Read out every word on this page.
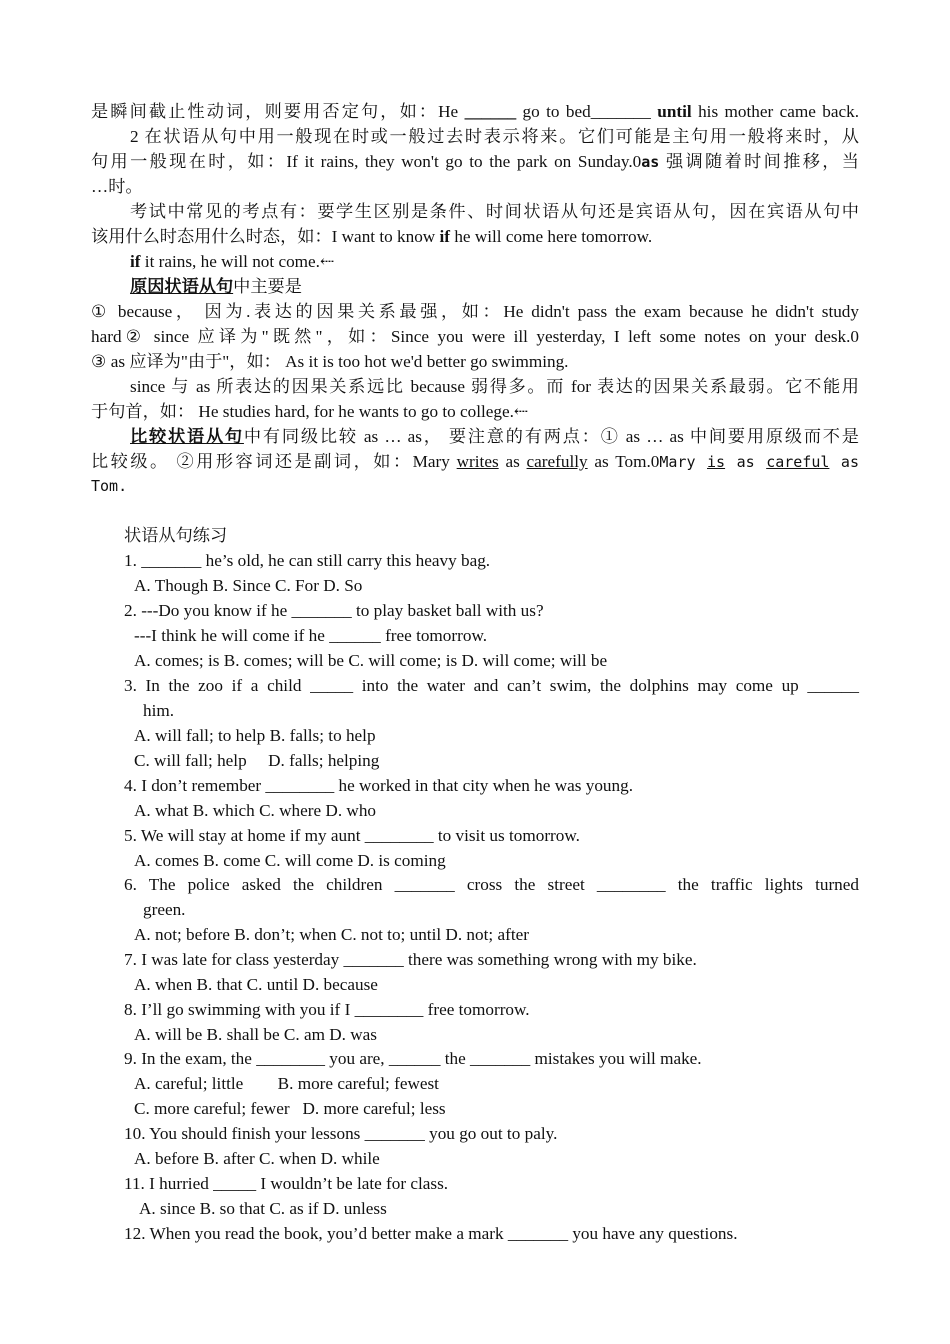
是瞬间截止性动词，则要用否定句，如：He ______ go to bed_______ until his mother came back.
2 在状语从句中用一般现在时或一般过去时表示将来。它们可能是主句用一般将来时，从
句用一般现在时，如：If it rains, they won't go to the park on Sunday.0as 强调随着时间推移，当
…时。
考试中常见的考点有：要学生区别是条件、时间状语从句还是宾语从句，因在宾语从句中
该用什么时态用什么时态，如：I want to know if he will come here tomorrow.
if it rains, he will not come.⇠
原因状语从句中主要是
① because， 因为.表达的因果关系最强，如：He didn't pass the exam because he didn't study
hard② since 应译为"既然"，如：Since you were ill yesterday, I left some notes on your desk.0
③ as 应译为"由于"，如： As it is too hot we'd better go swimming.
since 与 as 所表达的因果关系远比 because 弱得多。而 for 表达的因果关系最弱。它不能用
于句首，如： He studies hard, for he wants to go to college.⇠
比较状语从句中有同级比较 as … as， 要注意的有两点：① as … as 中间要用原级而不是
比较级。 ②用形容词还是副词，如：Mary writes as carefully as Tom.0Mary is as careful as
Tom.
状语从句练习
1. _______ he’s old, he can still carry this heavy bag.
A. Though B. Since C. For D. So
2. ---Do you know if he _______ to play basket ball with us?
---I think he will come if he ______ free tomorrow.
A. comes; is B. comes; will be C. will come; is D. will come; will be
3. In the zoo if a child _____ into the water and can’t swim, the dolphins may come up ______
him.
A. will fall; to help B. falls; to help
C. will fall; help     D. falls; helping
4. I don’t remember ________ he worked in that city when he was young.
A. what B. which C. where D. who
5. We will stay at home if my aunt ________ to visit us tomorrow.
A. comes B. come C. will come D. is coming
6. The police asked the children _______ cross the street ________ the traffic lights turned
green.
A. not; before B. don’t; when C. not to; until D. not; after
7. I was late for class yesterday _______ there was something wrong with my bike.
A. when B. that C. until D. because
8. I’ll go swimming with you if I ________ free tomorrow.
A. will be B. shall be C. am D. was
9. In the exam, the ________ you are, ______ the _______ mistakes you will make.
A. careful; little        B. more careful; fewest
C. more careful; fewer   D. more careful; less
10. You should finish your lessons _______ you go out to paly.
A. before B. after C. when D. while
11. I hurried _____ I wouldn’t be late for class.
A. since B. so that C. as if D. unless
12. When you read the book, you’d better make a mark _______ you have any questions.
